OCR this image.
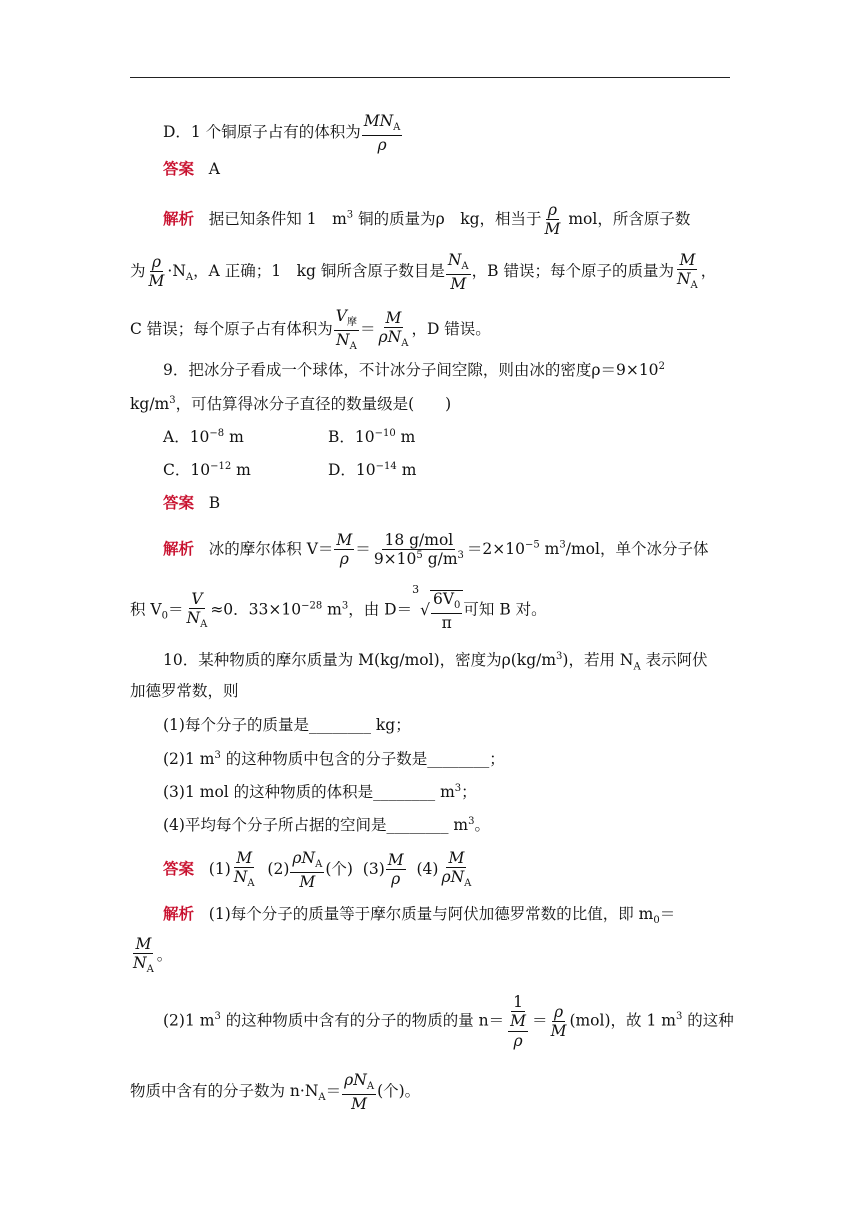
D．1 个铜原子占有的体积为
$MN_A$
ρ
答案 A
解析 据已知条件知 1　$m^3$ 铜的质量为ρ　kg，相当于 $\frac{\rho}{M}$ mol，所含原子数
为 $\frac{\rho}{M} \cdot N_A$，A 正确；1　kg 铜所含原子数目是 $\frac{N_A}{M}$ ，B 错误；每个原子的质量为 $\frac{M}{N_A}$ ，
C 错误；每个原子占有体积为
$V_摩$
$N_A$
＝
M
$\rho N_A$
，D 错误。
9．把冰分子看成一个球体，不计冰分子间空隙，则由冰的密度$\rho=9\times 10^2$
$kg/m^3$，可估算得冰分子直径的数量级是(　　)
A．$10^{-8}$ m	B．$10^{-10}$ m
C．$10^{-12}$ m	D．$10^{-14}$ m
答案 B
解析 冰的摩尔体积 $V= \frac{M}{\rho} = 18$ g/mol
$9\times 10^5$ $g/m^3 =2\times 10^{-5}$ $m^3$/mol，单个冰分子体
积 $V_0= \frac{V}{N_A} \approx 0$．$33\times 10^{-28}$ $m^3$，由 D＝
3
√
$6V_0$
π
可知 B 对。
10．某种物质的摩尔质量为 M(kg/mol)，密度为$\rho(kg/m^3)$，若用 $N_A$ 表示阿伏
加德罗常数，则
(1)每个分子的质量是________ kg；
(2)1 $m^3$ 的这种物质中包含的分子数是________；
(3)1 mol 的这种物质的体积是________ $m^3$；
(4)平均每个分子所占据的空间是________ $m^3$。
答案 $(1) \frac{M}{N_A} (2)$
$\rho N_A$
M
(个) $(3) \frac{M}{\rho} (4)$
M
$\rho N_A$
解析 (1)每个分子的质量等于摩尔质量与阿伏加德罗常数的比值，即 $m_0=$
$\frac{M}{N_A}$ 。
(2)1 $m^3$ 的这种物质中含有的分子的物质的量 $n= \frac{1}{\frac{M}{\rho}} = \frac{\rho}{M} (mol)$，故 1 $m^3$ 的这种
物质中含有的分子数为 $n\cdot N_A=$
$\rho N_A$
M
(个)。
